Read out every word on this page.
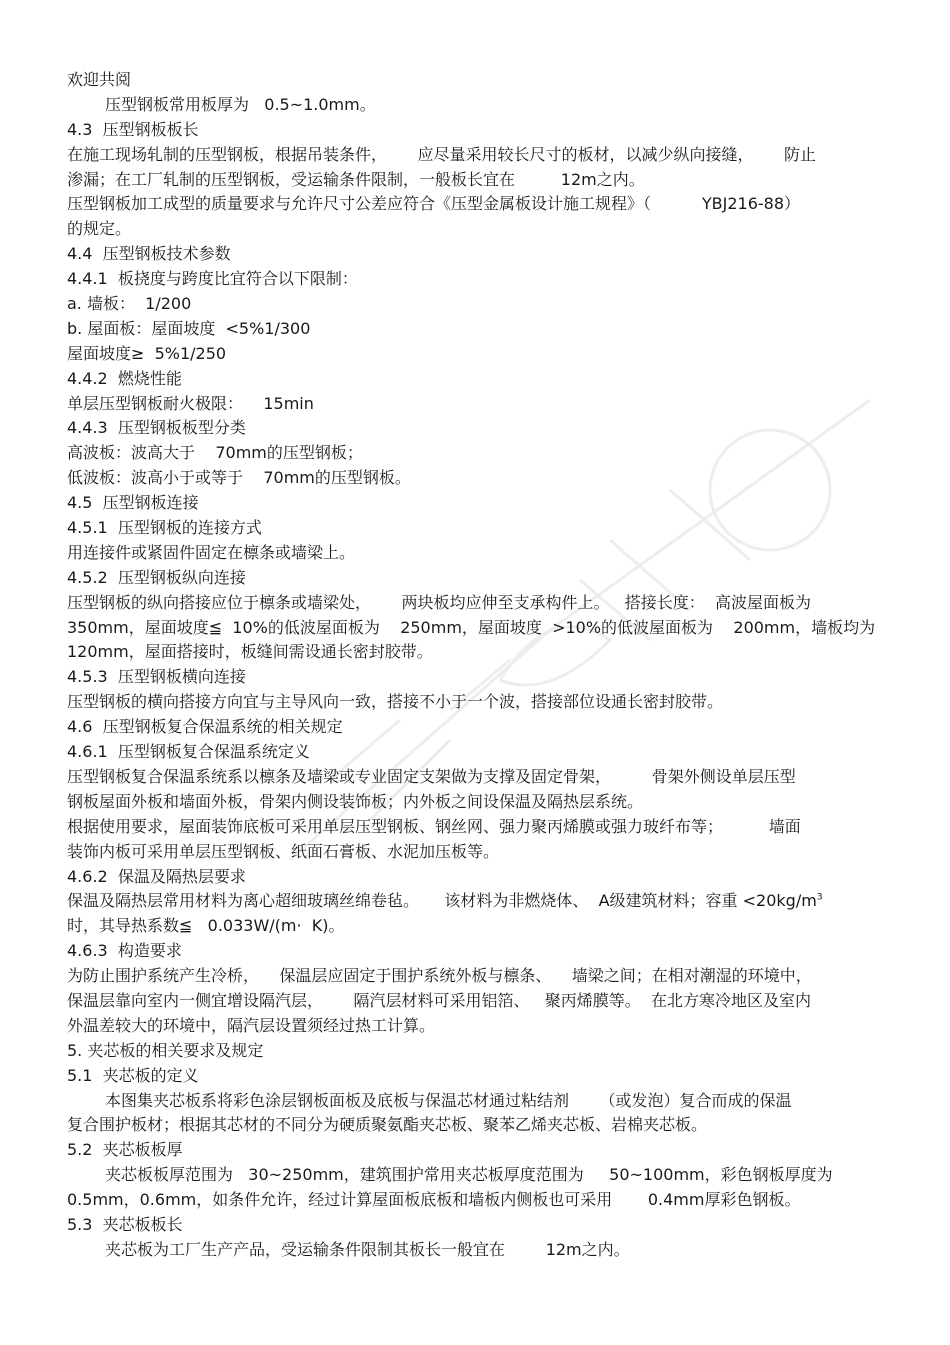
欢迎共阅
压型钢板常用板厚为   0.5~1.0mm。
4.3  压型钢板板长
在施工现场轧制的压型钢板，根据吊装条件，      应尽量采用较长尺寸的板材，以减少纵向接缝，      防止
渗漏；在工厂轧制的压型钢板，受运输条件限制，一般板长宜在         12m之内。
压型钢板加工成型的质量要求与允许尺寸公差应符合《压型金属板设计施工规程》（          YBJ216-88）
的规定。
4.4  压型钢板技术参数
4.4.1  板挠度与跨度比宜符合以下限制：
a. 墙板：  1/200
b. 屋面板：屋面坡度  <5%1/300
屋面坡度≥  5%1/250
4.4.2  燃烧性能
单层压型钢板耐火极限：    15min
4.4.3  压型钢板板型分类
高波板：波高大于    70mm的压型钢板；
低波板：波高小于或等于    70mm的压型钢板。
4.5  压型钢板连接
4.5.1  压型钢板的连接方式
用连接件或紧固件固定在檩条或墙梁上。
4.5.2  压型钢板纵向连接
压型钢板的纵向搭接应位于檩条或墙梁处，      两块板均应伸至支承构件上。   搭接长度：  高波屋面板为
350mm，屋面坡度≦  10%的低波屋面板为    250mm，屋面坡度  >10%的低波屋面板为    200mm，墙板均为
120mm，屋面搭接时，板缝间需设通长密封胶带。
4.5.3  压型钢板横向连接
压型钢板的横向搭接方向宜与主导风向一致，搭接不小于一个波，搭接部位设通长密封胶带。
4.6  压型钢板复合保温系统的相关规定
4.6.1  压型钢板复合保温系统定义
压型钢板复合保温系统系以檩条及墙梁或专业固定支架做为支撑及固定骨架，        骨架外侧设单层压型
钢板屋面外板和墙面外板，骨架内侧设装饰板；内外板之间设保温及隔热层系统。
根据使用要求，屋面装饰底板可采用单层压型钢板、钢丝网、强力聚丙烯膜或强力玻纤布等；         墙面
装饰内板可采用单层压型钢板、纸面石膏板、水泥加压板等。
4.6.2  保温及隔热层要求
保温及隔热层常用材料为离心超细玻璃丝绵卷毡。     该材料为非燃烧体、  A级建筑材料；容重 $<20kg/m^3$
时，其导热系数≦   0.033W/(m·  K)。
4.6.3  构造要求
为防止围护系统产生冷桥，    保温层应固定于围护系统外板与檩条、    墙梁之间；在相对潮湿的环境中，
保温层靠向室内一侧宜增设隔汽层，      隔汽层材料可采用铝箔、   聚丙烯膜等。  在北方寒冷地区及室内
外温差较大的环境中，隔汽层设置须经过热工计算。
5. 夹芯板的相关要求及规定
5.1  夹芯板的定义
本图集夹芯板系将彩色涂层钢板面板及底板与保温芯材通过粘结剂      （或发泡）复合而成的保温
复合围护板材；根据其芯材的不同分为硬质聚氨酯夹芯板、聚苯乙烯夹芯板、岩棉夹芯板。
5.2  夹芯板板厚
夹芯板板厚范围为   30~250mm，建筑围护常用夹芯板厚度范围为     50~100mm，彩色钢板厚度为
0.5mm，0.6mm，如条件允许，经过计算屋面板底板和墙板内侧板也可采用       0.4mm厚彩色钢板。
5.3  夹芯板板长
夹芯板为工厂生产产品，受运输条件限制其板长一般宜在        12m之内。
